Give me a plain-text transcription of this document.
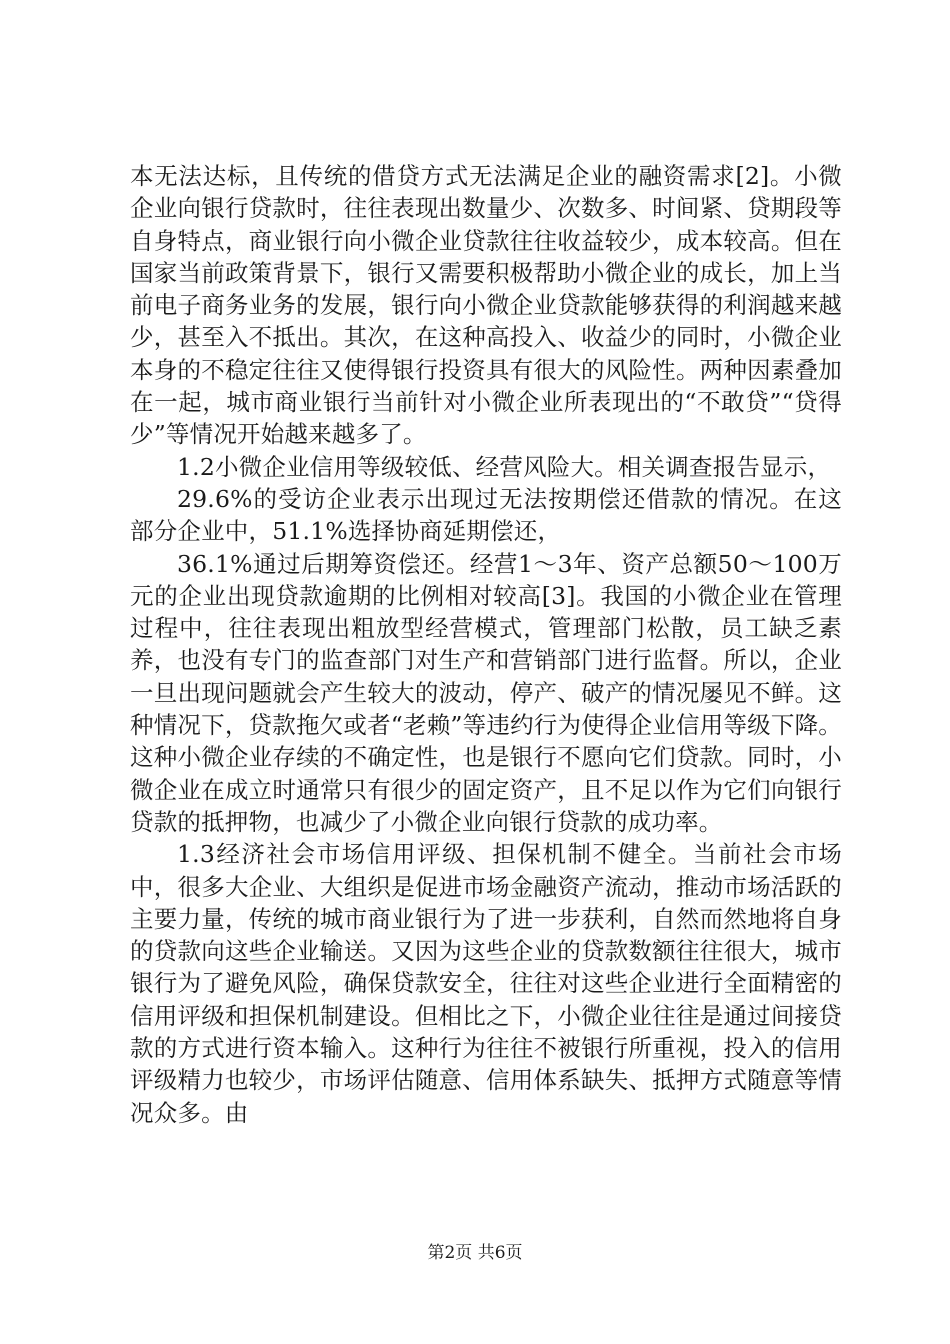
本无法达标，且传统的借贷方式无法满足企业的融资需求[2]。小微企业向银行贷款时，往往表现出数量少、次数多、时间紧、贷期段等自身特点，商业银行向小微企业贷款往往收益较少，成本较高。但在国家当前政策背景下，银行又需要积极帮助小微企业的成长，加上当前电子商务业务的发展，银行向小微企业贷款能够获得的利润越来越少，甚至入不抵出。其次，在这种高投入、收益少的同时，小微企业本身的不稳定往往又使得银行投资具有很大的风险性。两种因素叠加在一起，城市商业银行当前针对小微企业所表现出的“不敢贷”“贷得少”等情况开始越来越多了。

1.2小微企业信用等级较低、经营风险大。相关调查报告显示，

29.6%的受访企业表示出现过无法按期偿还借款的情况。在这部分企业中，51.1%选择协商延期偿还，

36.1%通过后期筹资偿还。经营1～3年、资产总额50～100万元的企业出现贷款逾期的比例相对较高[3]。我国的小微企业在管理过程中，往往表现出粗放型经营模式，管理部门松散，员工缺乏素养，也没有专门的监查部门对生产和营销部门进行监督。所以，企业一旦出现问题就会产生较大的波动，停产、破产的情况屡见不鲜。这种情况下，贷款拖欠或者“老赖”等违约行为使得企业信用等级下降。这种小微企业存续的不确定性，也是银行不愿向它们贷款。同时，小微企业在成立时通常只有很少的固定资产，且不足以作为它们向银行贷款的抵押物，也减少了小微企业向银行贷款的成功率。

1.3经济社会市场信用评级、担保机制不健全。当前社会市场中，很多大企业、大组织是促进市场金融资产流动，推动市场活跃的主要力量，传统的城市商业银行为了进一步获利，自然而然地将自身的贷款向这些企业输送。又因为这些企业的贷款数额往往很大，城市银行为了避免风险，确保贷款安全，往往对这些企业进行全面精密的信用评级和担保机制建设。但相比之下，小微企业往往是通过间接贷款的方式进行资本输入。这种行为往往不被银行所重视，投入的信用评级精力也较少，市场评估随意、信用体系缺失、抵押方式随意等情况众多。由

第2页 共6页
